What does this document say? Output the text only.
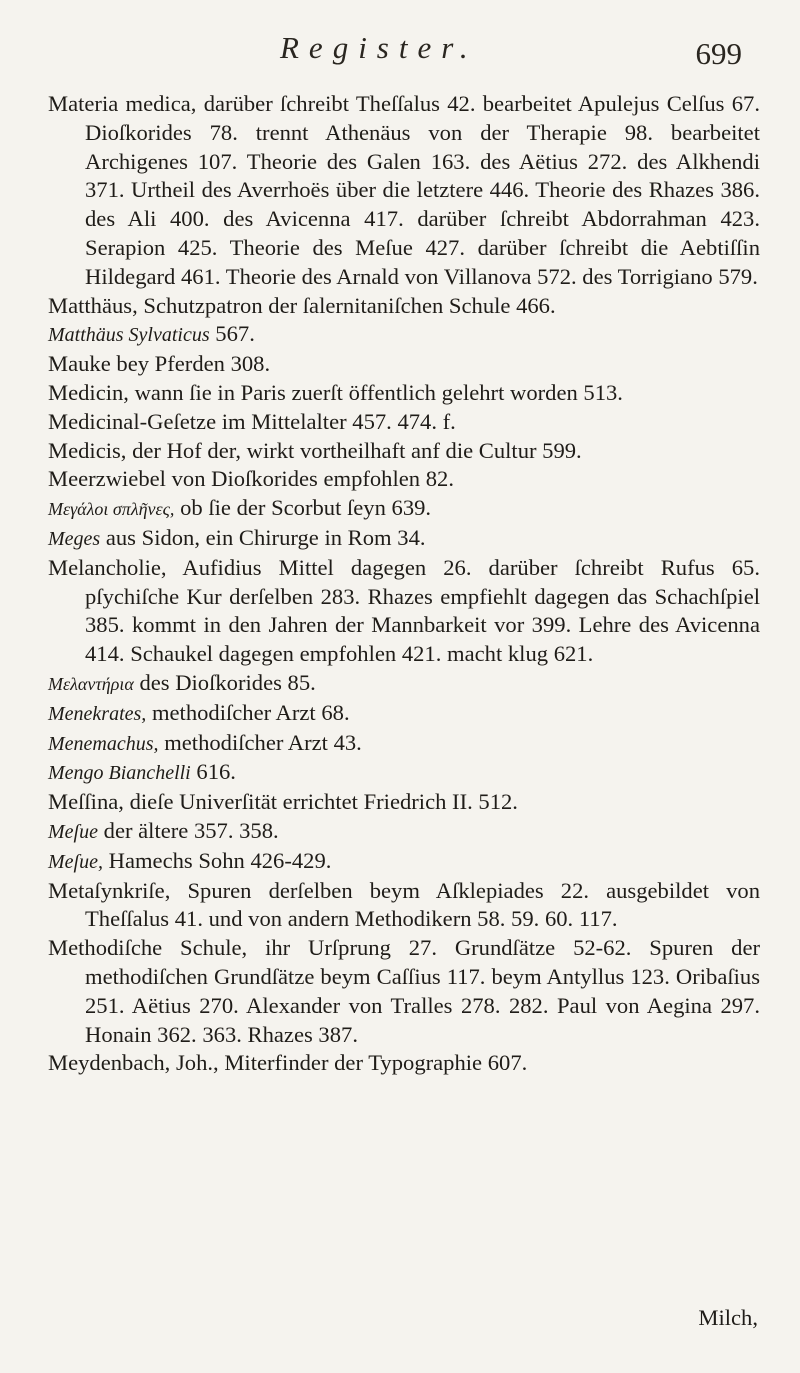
Register.	699

Materia medica, darüber ſchreibt Theſſalus 42. bearbeitet Apulejus Celſus 67. Dioſkorides 78. trennt Athenäus von der Therapie 98. bearbeitet Archigenes 107. Theorie des Galen 163. des Aëtius 272. des Alkhendi 371. Urtheil des Averrhoës über die letztere 446. Theorie des Rhazes 386. des Ali 400. des Avicenna 417. darüber ſchreibt Abdorrahman 423. Serapion 425. Theorie des Meſue 427. darüber ſchreibt die Aebtiſſin Hildegard 461. Theorie des Arnald von Villanova 572. des Torrigiano 579.

Matthäus, Schutzpatron der ſalernitaniſchen Schule 466.

Matthäus Sylvaticus 567.

Mauke bey Pferden 308.

Medicin, wann ſie in Paris zuerſt öffentlich gelehrt worden 513.

Medicinal-Geſetze im Mittelalter 457. 474. f.

Medicis, der Hof der, wirkt vortheilhaft anf die Cultur 599.

Meerzwiebel von Dioſkorides empfohlen 82.

Μεγάλοι σπλῆνες, ob ſie der Scorbut ſeyn 639.

Meges aus Sidon, ein Chirurge in Rom 34.

Melancholie, Aufidius Mittel dagegen 26. darüber ſchreibt Rufus 65. pſychiſche Kur derſelben 283. Rhazes empfiehlt dagegen das Schachſpiel 385. kommt in den Jahren der Mannbarkeit vor 399. Lehre des Avicenna 414. Schaukel dagegen empfohlen 421. macht klug 621.

Μελαντήρια des Dioſkorides 85.

Menekrates, methodiſcher Arzt 68.

Menemachus, methodiſcher Arzt 43.

Mengo Bianchelli 616.

Meſſina, dieſe Univerſität errichtet Friedrich II. 512.

Meſue der ältere 357. 358.

Meſue, Hamechs Sohn 426-429.

Metaſynkriſe, Spuren derſelben beym Aſklepiades 22. ausgebildet von Theſſalus 41. und von andern Methodikern 58. 59. 60. 117.

Methodiſche Schule, ihr Urſprung 27. Grundſätze 52-62. Spuren der methodiſchen Grundſätze beym Caſſius 117. beym Antyllus 123. Oribaſius 251. Aëtius 270. Alexander von Tralles 278. 282. Paul von Aegina 297. Honain 362. 363. Rhazes 387.

Meydenbach, Joh., Miterfinder der Typographie 607.

Milch,
